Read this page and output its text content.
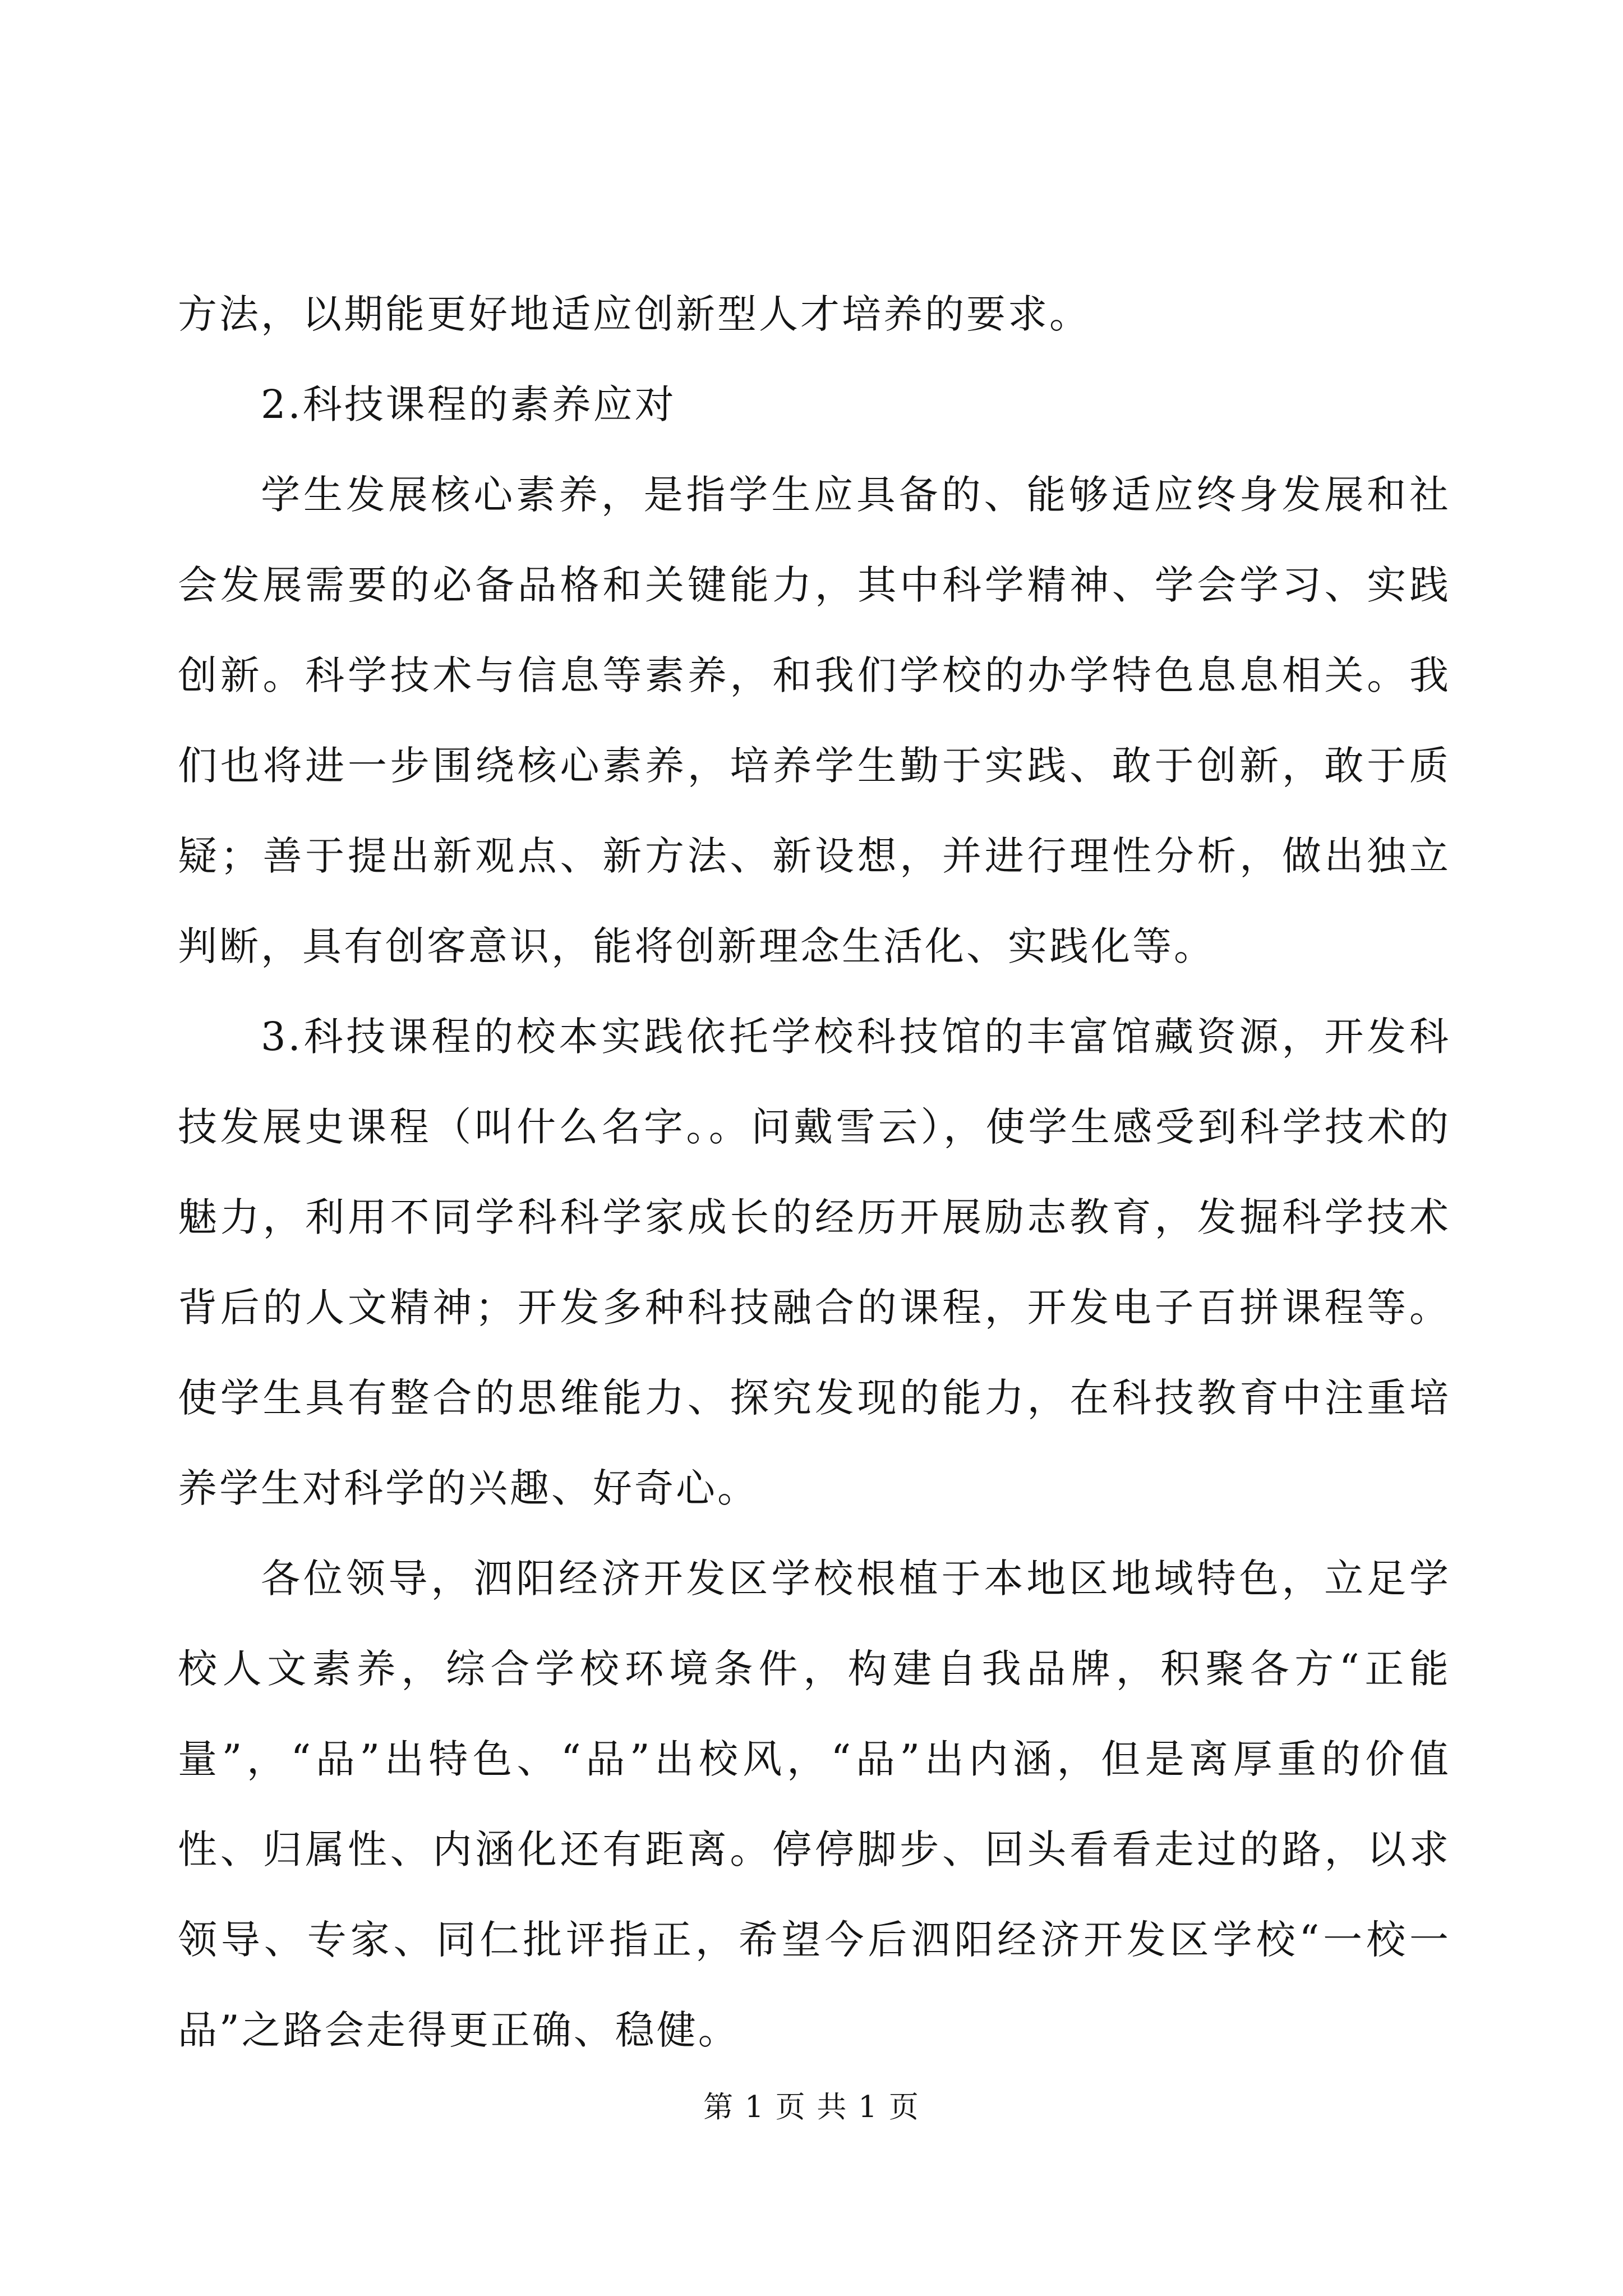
方法，以期能更好地适应创新型人才培养的要求。

2.科技课程的素养应对

学生发展核心素养，是指学生应具备的、能够适应终身发展和社会发展需要的必备品格和关键能力，其中科学精神、学会学习、实践创新。科学技术与信息等素养，和我们学校的办学特色息息相关。我们也将进一步围绕核心素养，培养学生勤于实践、敢于创新，敢于质疑；善于提出新观点、新方法、新设想，并进行理性分析，做出独立判断，具有创客意识，能将创新理念生活化、实践化等。

3.科技课程的校本实践依托学校科技馆的丰富馆藏资源，开发科技发展史课程（叫什么名字。。问戴雪云），使学生感受到科学技术的魅力，利用不同学科科学家成长的经历开展励志教育，发掘科学技术背后的人文精神；开发多种科技融合的课程，开发电子百拼课程等。使学生具有整合的思维能力、探究发现的能力，在科技教育中注重培养学生对科学的兴趣、好奇心。

各位领导，泗阳经济开发区学校根植于本地区地域特色，立足学校人文素养，综合学校环境条件，构建自我品牌，积聚各方“正能量”，“品”出特色、“品”出校风，“品”出内涵，但是离厚重的价值性、归属性、内涵化还有距离。停停脚步、回头看看走过的路，以求领导、专家、同仁批评指正，希望今后泗阳经济开发区学校“一校一品”之路会走得更正确、稳健。

第 1 页 共 1 页
